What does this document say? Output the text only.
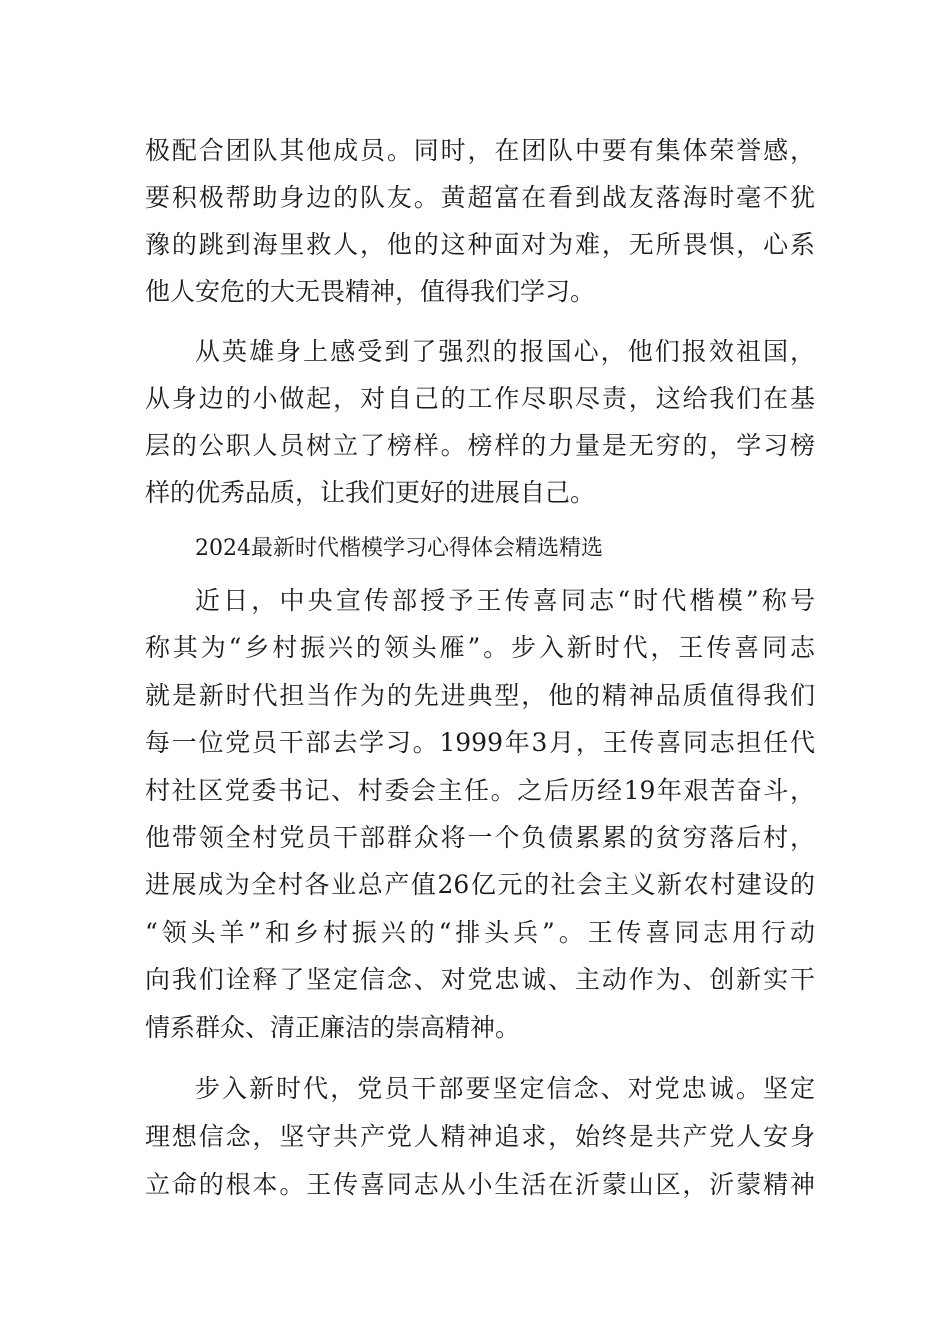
极配合团队其他成员。同时，在团队中要有集体荣誉感，
要积极帮助身边的队友。黄超富在看到战友落海时毫不犹
豫的跳到海里救人，他的这种面对为难，无所畏惧，心系
他人安危的大无畏精神，值得我们学习。
从英雄身上感受到了强烈的报国心，他们报效祖国，
从身边的小做起，对自己的工作尽职尽责，这给我们在基
层的公职人员树立了榜样。榜样的力量是无穷的，学习榜
样的优秀品质，让我们更好的进展自己。
2024最新时代楷模学习心得体会精选精选
近日，中央宣传部授予王传喜同志“时代楷模”称号
称其为“乡村振兴的领头雁”。步入新时代，王传喜同志
就是新时代担当作为的先进典型，他的精神品质值得我们
每一位党员干部去学习。1999年3月，王传喜同志担任代
村社区党委书记、村委会主任。之后历经19年艰苦奋斗，
他带领全村党员干部群众将一个负债累累的贫穷落后村，
进展成为全村各业总产值26亿元的社会主义新农村建设的
“领头羊”和乡村振兴的“排头兵”。王传喜同志用行动
向我们诠释了坚定信念、对党忠诚、主动作为、创新实干
情系群众、清正廉洁的崇高精神。
步入新时代，党员干部要坚定信念、对党忠诚。坚定
理想信念，坚守共产党人精神追求，始终是共产党人安身
立命的根本。王传喜同志从小生活在沂蒙山区，沂蒙精神
